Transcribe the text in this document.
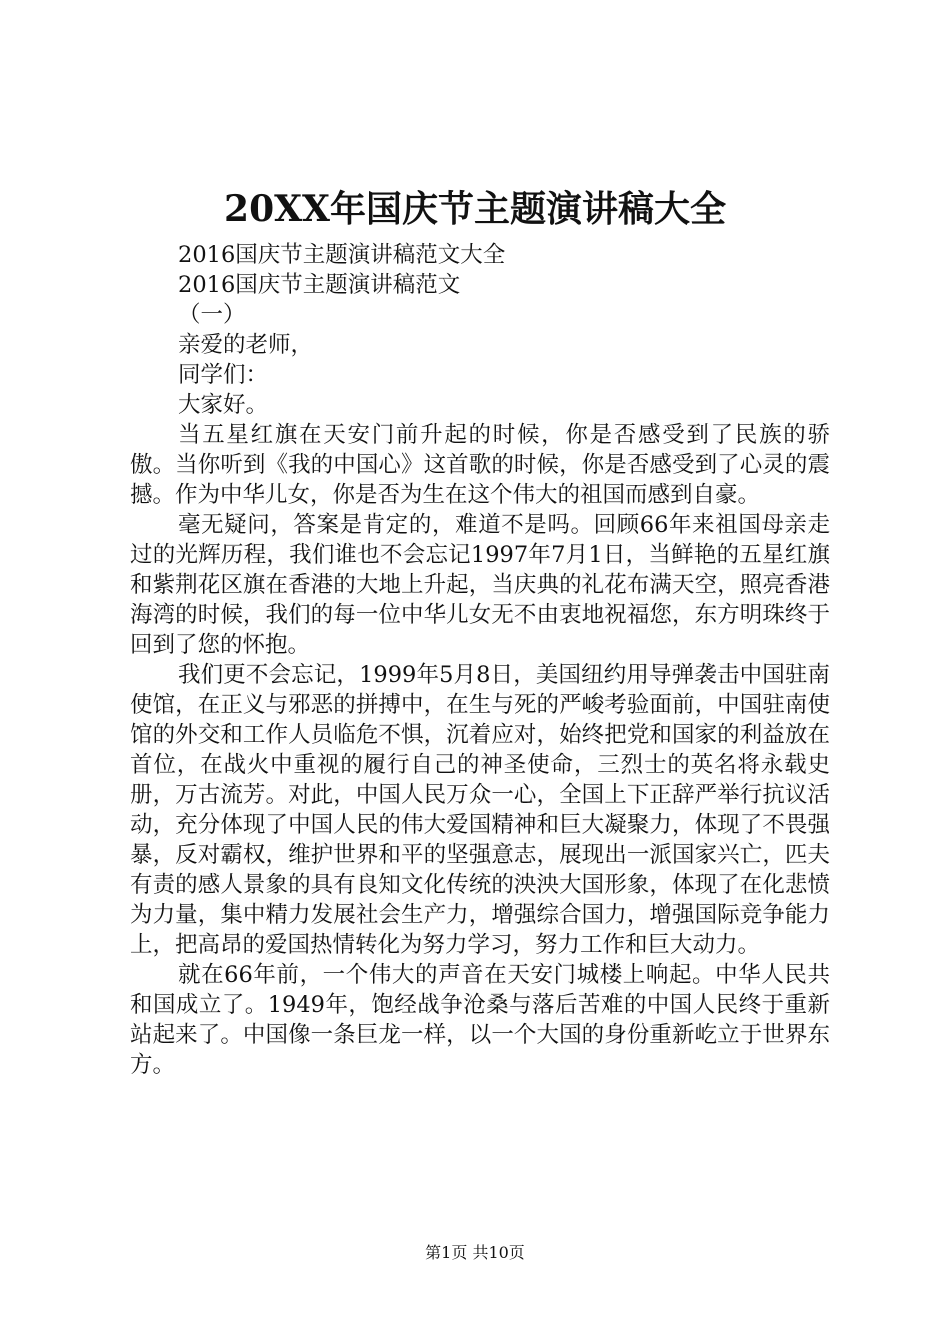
20XX年国庆节主题演讲稿大全

2016国庆节主题演讲稿范文大全

2016国庆节主题演讲稿范文

（一）

亲爱的老师，

同学们：

大家好。

当五星红旗在天安门前升起的时候，你是否感受到了民族的骄傲。当你听到《我的中国心》这首歌的时候，你是否感受到了心灵的震撼。作为中华儿女，你是否为生在这个伟大的祖国而感到自豪。

毫无疑问，答案是肯定的，难道不是吗。回顾66年来祖国母亲走过的光辉历程，我们谁也不会忘记1997年7月1日，当鲜艳的五星红旗和紫荆花区旗在香港的大地上升起，当庆典的礼花布满天空，照亮香港海湾的时候，我们的每一位中华儿女无不由衷地祝福您，东方明珠终于回到了您的怀抱。

我们更不会忘记，1999年5月8日，美国纽约用导弹袭击中国驻南使馆，在正义与邪恶的拼搏中，在生与死的严峻考验面前，中国驻南使馆的外交和工作人员临危不惧，沉着应对，始终把党和国家的利益放在首位，在战火中重视的履行自己的神圣使命，三烈士的英名将永载史册，万古流芳。对此，中国人民万众一心，全国上下正辞严举行抗议活动，充分体现了中国人民的伟大爱国精神和巨大凝聚力，体现了不畏强暴，反对霸权，维护世界和平的坚强意志，展现出一派国家兴亡，匹夫有责的感人景象的具有良知文化传统的泱泱大国形象，体现了在化悲愤为力量，集中精力发展社会生产力，增强综合国力，增强国际竞争能力上，把高昂的爱国热情转化为努力学习，努力工作和巨大动力。

就在66年前，一个伟大的声音在天安门城楼上响起。中华人民共和国成立了。1949年，饱经战争沧桑与落后苦难的中国人民终于重新站起来了。中国像一条巨龙一样，以一个大国的身份重新屹立于世界东方。

第1页 共10页
